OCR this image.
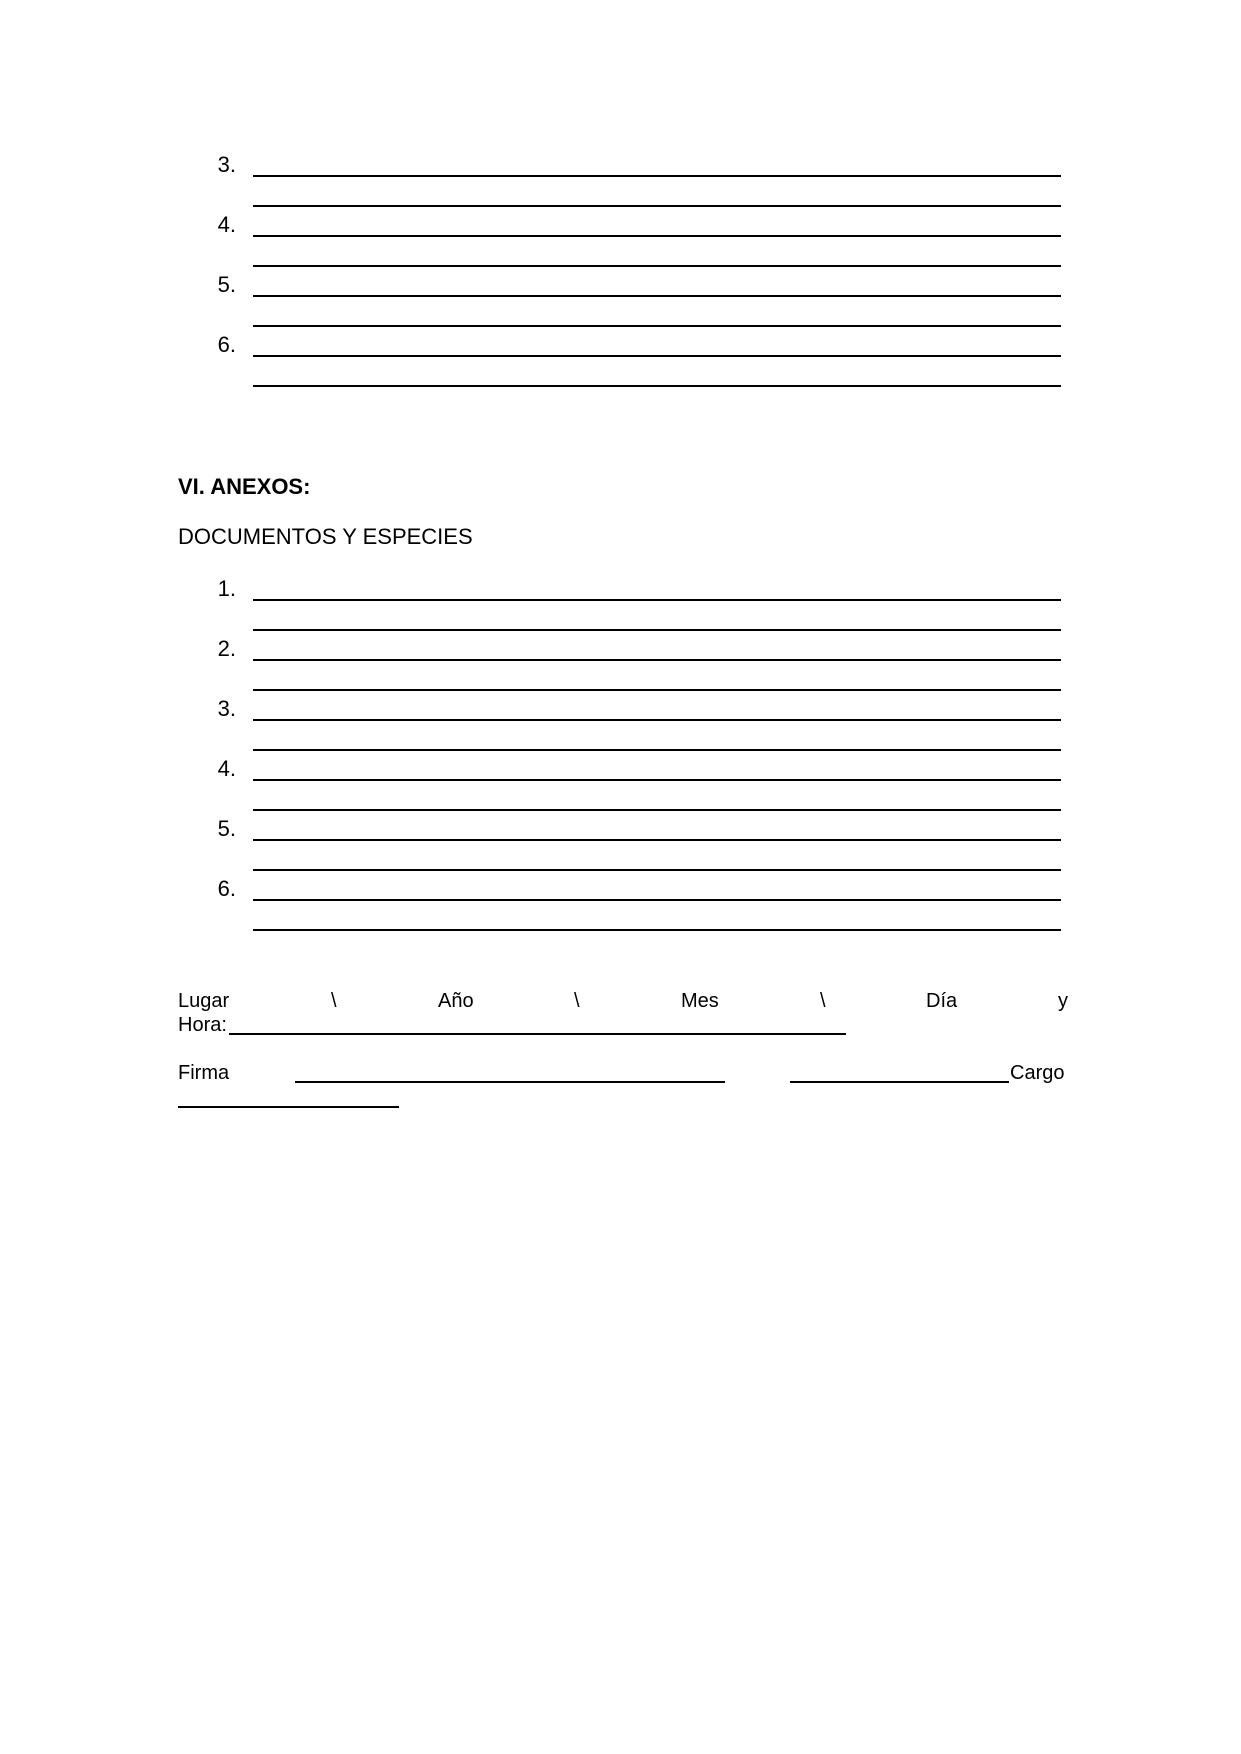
3.
4.
5.
6.
VI. ANEXOS:
DOCUMENTOS Y ESPECIES
1.
2.
3.
4.
5.
6.
Lugar	\	Año	\	Mes	\	Día	y
Hora:
Firma	Cargo
